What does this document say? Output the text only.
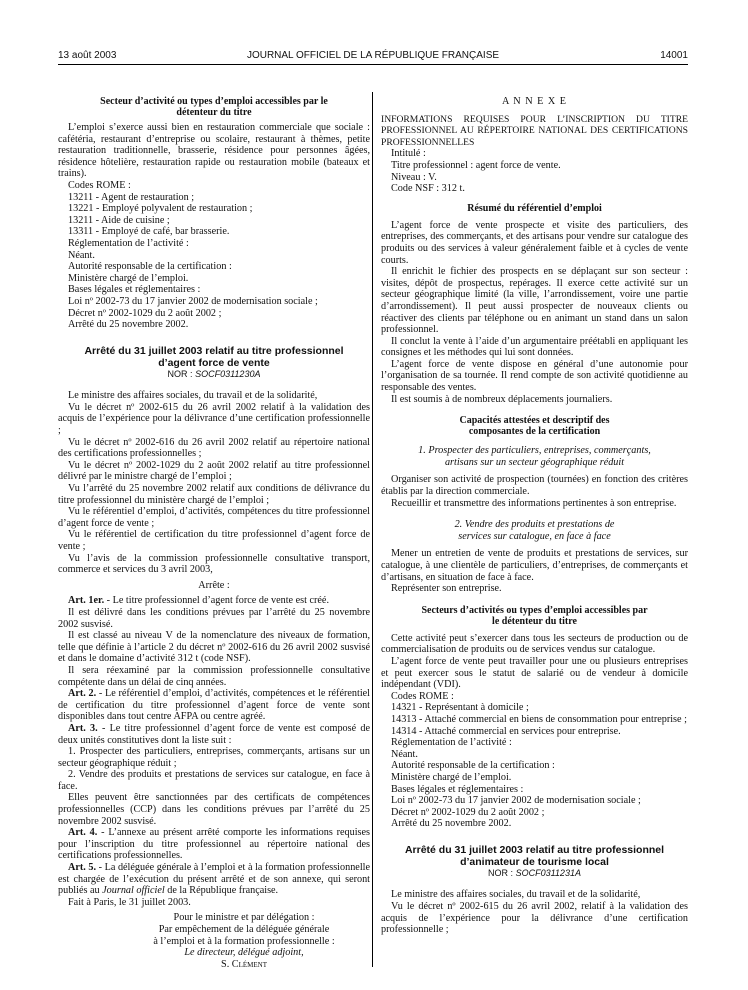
13 août 2003	JOURNAL OFFICIEL DE LA RÉPUBLIQUE FRANÇAISE	14001
Secteur d’activité ou types d’emploi accessibles par le détenteur du titre

L’emploi s’exerce aussi bien en restauration commerciale que sociale : cafétéria, restaurant d’entreprise ou scolaire, restaurant à thèmes, petite restauration traditionnelle, brasserie, résidence pour personnes âgées, résidence hôtelière, restauration rapide ou restauration mobile (bateaux et trains).

Codes ROME :

13211 - Agent de restauration ;

13221 - Employé polyvalent de restauration ;

13211 - Aide de cuisine ;

13311 - Employé de café, bar brasserie.

Réglementation de l’activité :

Néant.

Autorité responsable de la certification :

Ministère chargé de l’emploi.

Bases légales et réglementaires :

Loi nº 2002-73 du 17 janvier 2002 de modernisation sociale ;

Décret nº 2002-1029 du 2 août 2002 ;

Arrêté du 25 novembre 2002.

Arrêté du 31 juillet 2003 relatif au titre professionnel d’agent force de vente
NOR : SOCF0311230A

Le ministre des affaires sociales, du travail et de la solidarité,

Vu le décret nº 2002-615 du 26 avril 2002 relatif à la validation des acquis de l’expérience pour la délivrance d’une certification professionnelle ;

Vu le décret nº 2002-616 du 26 avril 2002 relatif au répertoire national des certifications professionnelles ;

Vu le décret nº 2002-1029 du 2 août 2002 relatif au titre professionnel délivré par le ministre chargé de l’emploi ;

Vu l’arrêté du 25 novembre 2002 relatif aux conditions de délivrance du titre professionnel du ministère chargé de l’emploi ;

Vu le référentiel d’emploi, d’activités, compétences du titre professionnel d’agent force de vente ;

Vu le référentiel de certification du titre professionnel d’agent force de vente ;

Vu l’avis de la commission professionnelle consultative transport, commerce et services du 3 avril 2003,

Arrête :

Art. 1er. - Le titre professionnel d’agent force de vente est créé.

Il est délivré dans les conditions prévues par l’arrêté du 25 novembre 2002 susvisé.

Il est classé au niveau V de la nomenclature des niveaux de formation, telle que définie à l’article 2 du décret nº 2002-616 du 26 avril 2002 susvisé et dans le domaine d’activité 312 t (code NSF).

Il sera réexaminé par la commission professionnelle consultative compétente dans un délai de cinq années.

Art. 2. - Le référentiel d’emploi, d’activités, compétences et le référentiel de certification du titre professionnel d’agent force de vente sont disponibles dans tout centre AFPA ou centre agréé.

Art. 3. - Le titre professionnel d’agent force de vente est composé de deux unités constitutives dont la liste suit :

1. Prospecter des particuliers, entreprises, commerçants, artisans sur un secteur géographique réduit ;

2. Vendre des produits et prestations de services sur catalogue, en face à face.

Elles peuvent être sanctionnées par des certificats de compétences professionnelles (CCP) dans les conditions prévues par l’arrêté du 25 novembre 2002 susvisé.

Art. 4. - L’annexe au présent arrêté comporte les informations requises pour l’inscription du titre professionnel au répertoire national des certifications professionnelles.

Art. 5. - La déléguée générale à l’emploi et à la formation professionnelle est chargée de l’exécution du présent arrêté et de son annexe, qui seront publiés au Journal officiel de la République française.

Fait à Paris, le 31 juillet 2003.

Pour le ministre et par délégation :

Par empêchement de la déléguée générale

à l’emploi et à la formation professionnelle :

Le directeur, délégué adjoint,

S. Clément

A N N E X E

INFORMATIONS REQUISES POUR L’INSCRIPTION DU TITRE PROFESSIONNEL AU RÉPERTOIRE NATIONAL DES CERTIFICATIONS PROFESSIONNELLES

Intitulé :

Titre professionnel : agent force de vente.

Niveau : V.

Code NSF : 312 t.

Résumé du référentiel d’emploi

L’agent force de vente prospecte et visite des particuliers, des entreprises, des commerçants, et des artisans pour vendre sur catalogue des produits ou des services à valeur généralement faible et à cycles de vente courts.

Il enrichit le fichier des prospects en se déplaçant sur son secteur : visites, dépôt de prospectus, repérages. Il exerce cette activité sur un secteur géographique limité (la ville, l’arrondissement, voire une partie d’arrondissement). Il peut aussi prospecter de nouveaux clients ou réactiver des clients par téléphone ou en animant un stand dans un salon professionnel.

Il conclut la vente à l’aide d’un argumentaire préétabli en appliquant les consignes et les méthodes qui lui sont données.

L’agent force de vente dispose en général d’une autonomie pour l’organisation de sa tournée. Il rend compte de son activité quotidienne au responsable des ventes.

Il est soumis à de nombreux déplacements journaliers.

Capacités attestées et descriptif des composantes de la certification
1. Prospecter des particuliers, entreprises, commerçants, artisans sur un secteur géographique réduit

Organiser son activité de prospection (tournées) en fonction des critères établis par la direction commerciale.

Recueillir et transmettre des informations pertinentes à son entreprise.

2. Vendre des produits et prestations de services sur catalogue, en face à face

Mener un entretien de vente de produits et prestations de services, sur catalogue, à une clientèle de particuliers, d’entreprises, de commerçants et d’artisans, en situation de face à face.

Représenter son entreprise.

Secteurs d’activités ou types d’emploi accessibles par le détenteur du titre

Cette activité peut s’exercer dans tous les secteurs de production ou de commercialisation de produits ou de services vendus sur catalogue.

L’agent force de vente peut travailler pour une ou plusieurs entreprises et peut exercer sous le statut de salarié ou de vendeur à domicile indépendant (VDI).

Codes ROME :

14321 - Représentant à domicile ;

14313 - Attaché commercial en biens de consommation pour entreprise ;

14314 - Attaché commercial en services pour entreprise.

Réglementation de l’activité :

Néant.

Autorité responsable de la certification :

Ministère chargé de l’emploi.

Bases légales et réglementaires :

Loi nº 2002-73 du 17 janvier 2002 de modernisation sociale ;

Décret nº 2002-1029 du 2 août 2002 ;

Arrêté du 25 novembre 2002.

Arrêté du 31 juillet 2003 relatif au titre professionnel d’animateur de tourisme local
NOR : SOCF0311231A

Le ministre des affaires sociales, du travail et de la solidarité,

Vu le décret nº 2002-615 du 26 avril 2002, relatif à la validation des acquis de l’expérience pour la délivrance d’une certification professionnelle ;
